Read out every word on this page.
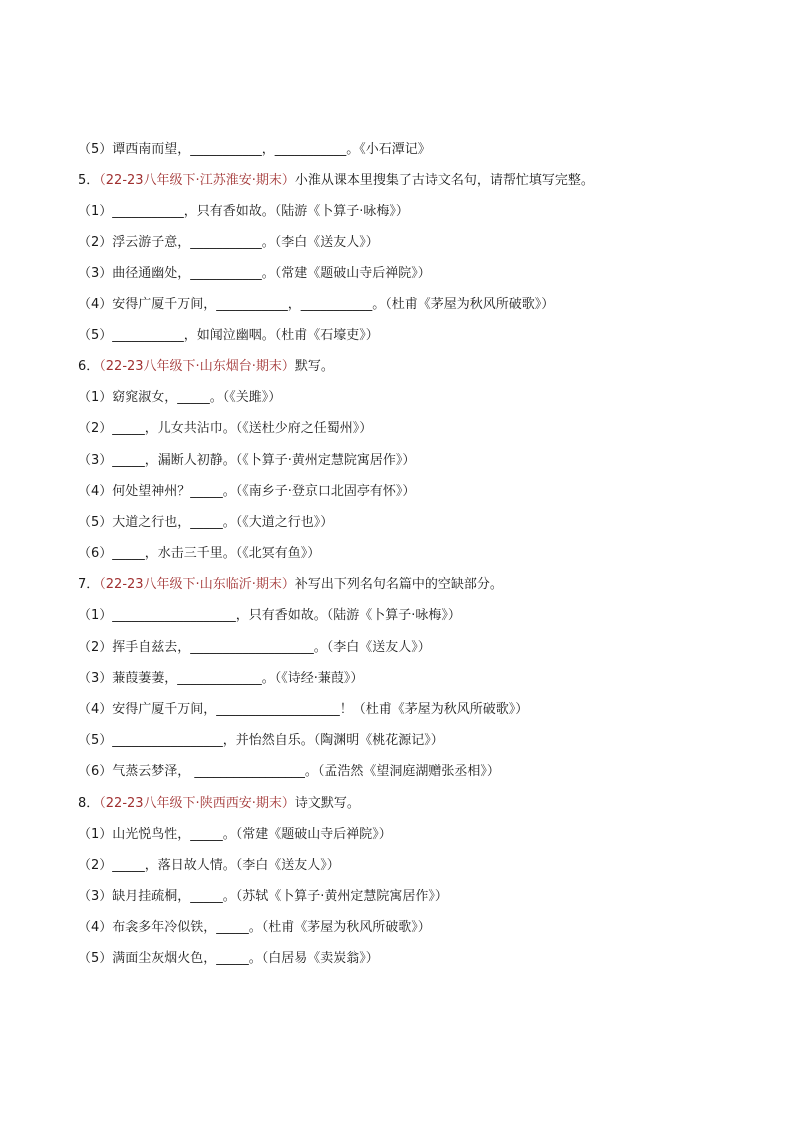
（5）谭西南而望，___________，___________。《小石潭记》
5．（22-23八年级下·江苏淮安·期末）小淮从课本里搜集了古诗文名句，请帮忙填写完整。
（1）___________，只有香如故。（陆游《卜算子·咏梅》）
（2）浮云游子意，___________。（李白《送友人》）
（3）曲径通幽处，___________。（常建《题破山寺后禅院》）
（4）安得广厦千万间，___________，___________。（杜甫《茅屋为秋风所破歌》）
（5）___________，如闻泣幽咽。（杜甫《石壕吏》）
6．（22-23八年级下·山东烟台·期末）默写。
（1）窈窕淑女，_____。（《关雎》）
（2）_____，儿女共沾巾。（《送杜少府之任蜀州》）
（3）_____，漏断人初静。（《卜算子·黄州定慧院寓居作》）
（4）何处望神州？_____。（《南乡子·登京口北固亭有怀》）
（5）大道之行也，_____。（《大道之行也》）
（6）_____，水击三千里。（《北冥有鱼》）
7．（22-23八年级下·山东临沂·期末）补写出下列名句名篇中的空缺部分。
（1）___________________，只有香如故。（陆游《卜算子·咏梅》）
（2）挥手自兹去，___________________。（李白《送友人》）
（3）蒹葭萋萋，_____________。（《诗经·蒹葭》）
（4）安得广厦千万间，___________________！（杜甫《茅屋为秋风所破歌》）
（5）_________________，并怡然自乐。（陶渊明《桃花源记》）
（6）气蒸云梦泽， _________________。（孟浩然《望洞庭湖赠张丞相》）
8．（22-23八年级下·陕西西安·期末）诗文默写。
（1）山光悦鸟性，_____。（常建《题破山寺后禅院》）
（2）_____，落日故人情。（李白《送友人》）
（3）缺月挂疏桐，_____。（苏轼《卜算子·黄州定慧院寓居作》）
（4）布衾多年冷似铁，_____。（杜甫《茅屋为秋风所破歌》）
（5）满面尘灰烟火色，_____。（白居易《卖炭翁》）
